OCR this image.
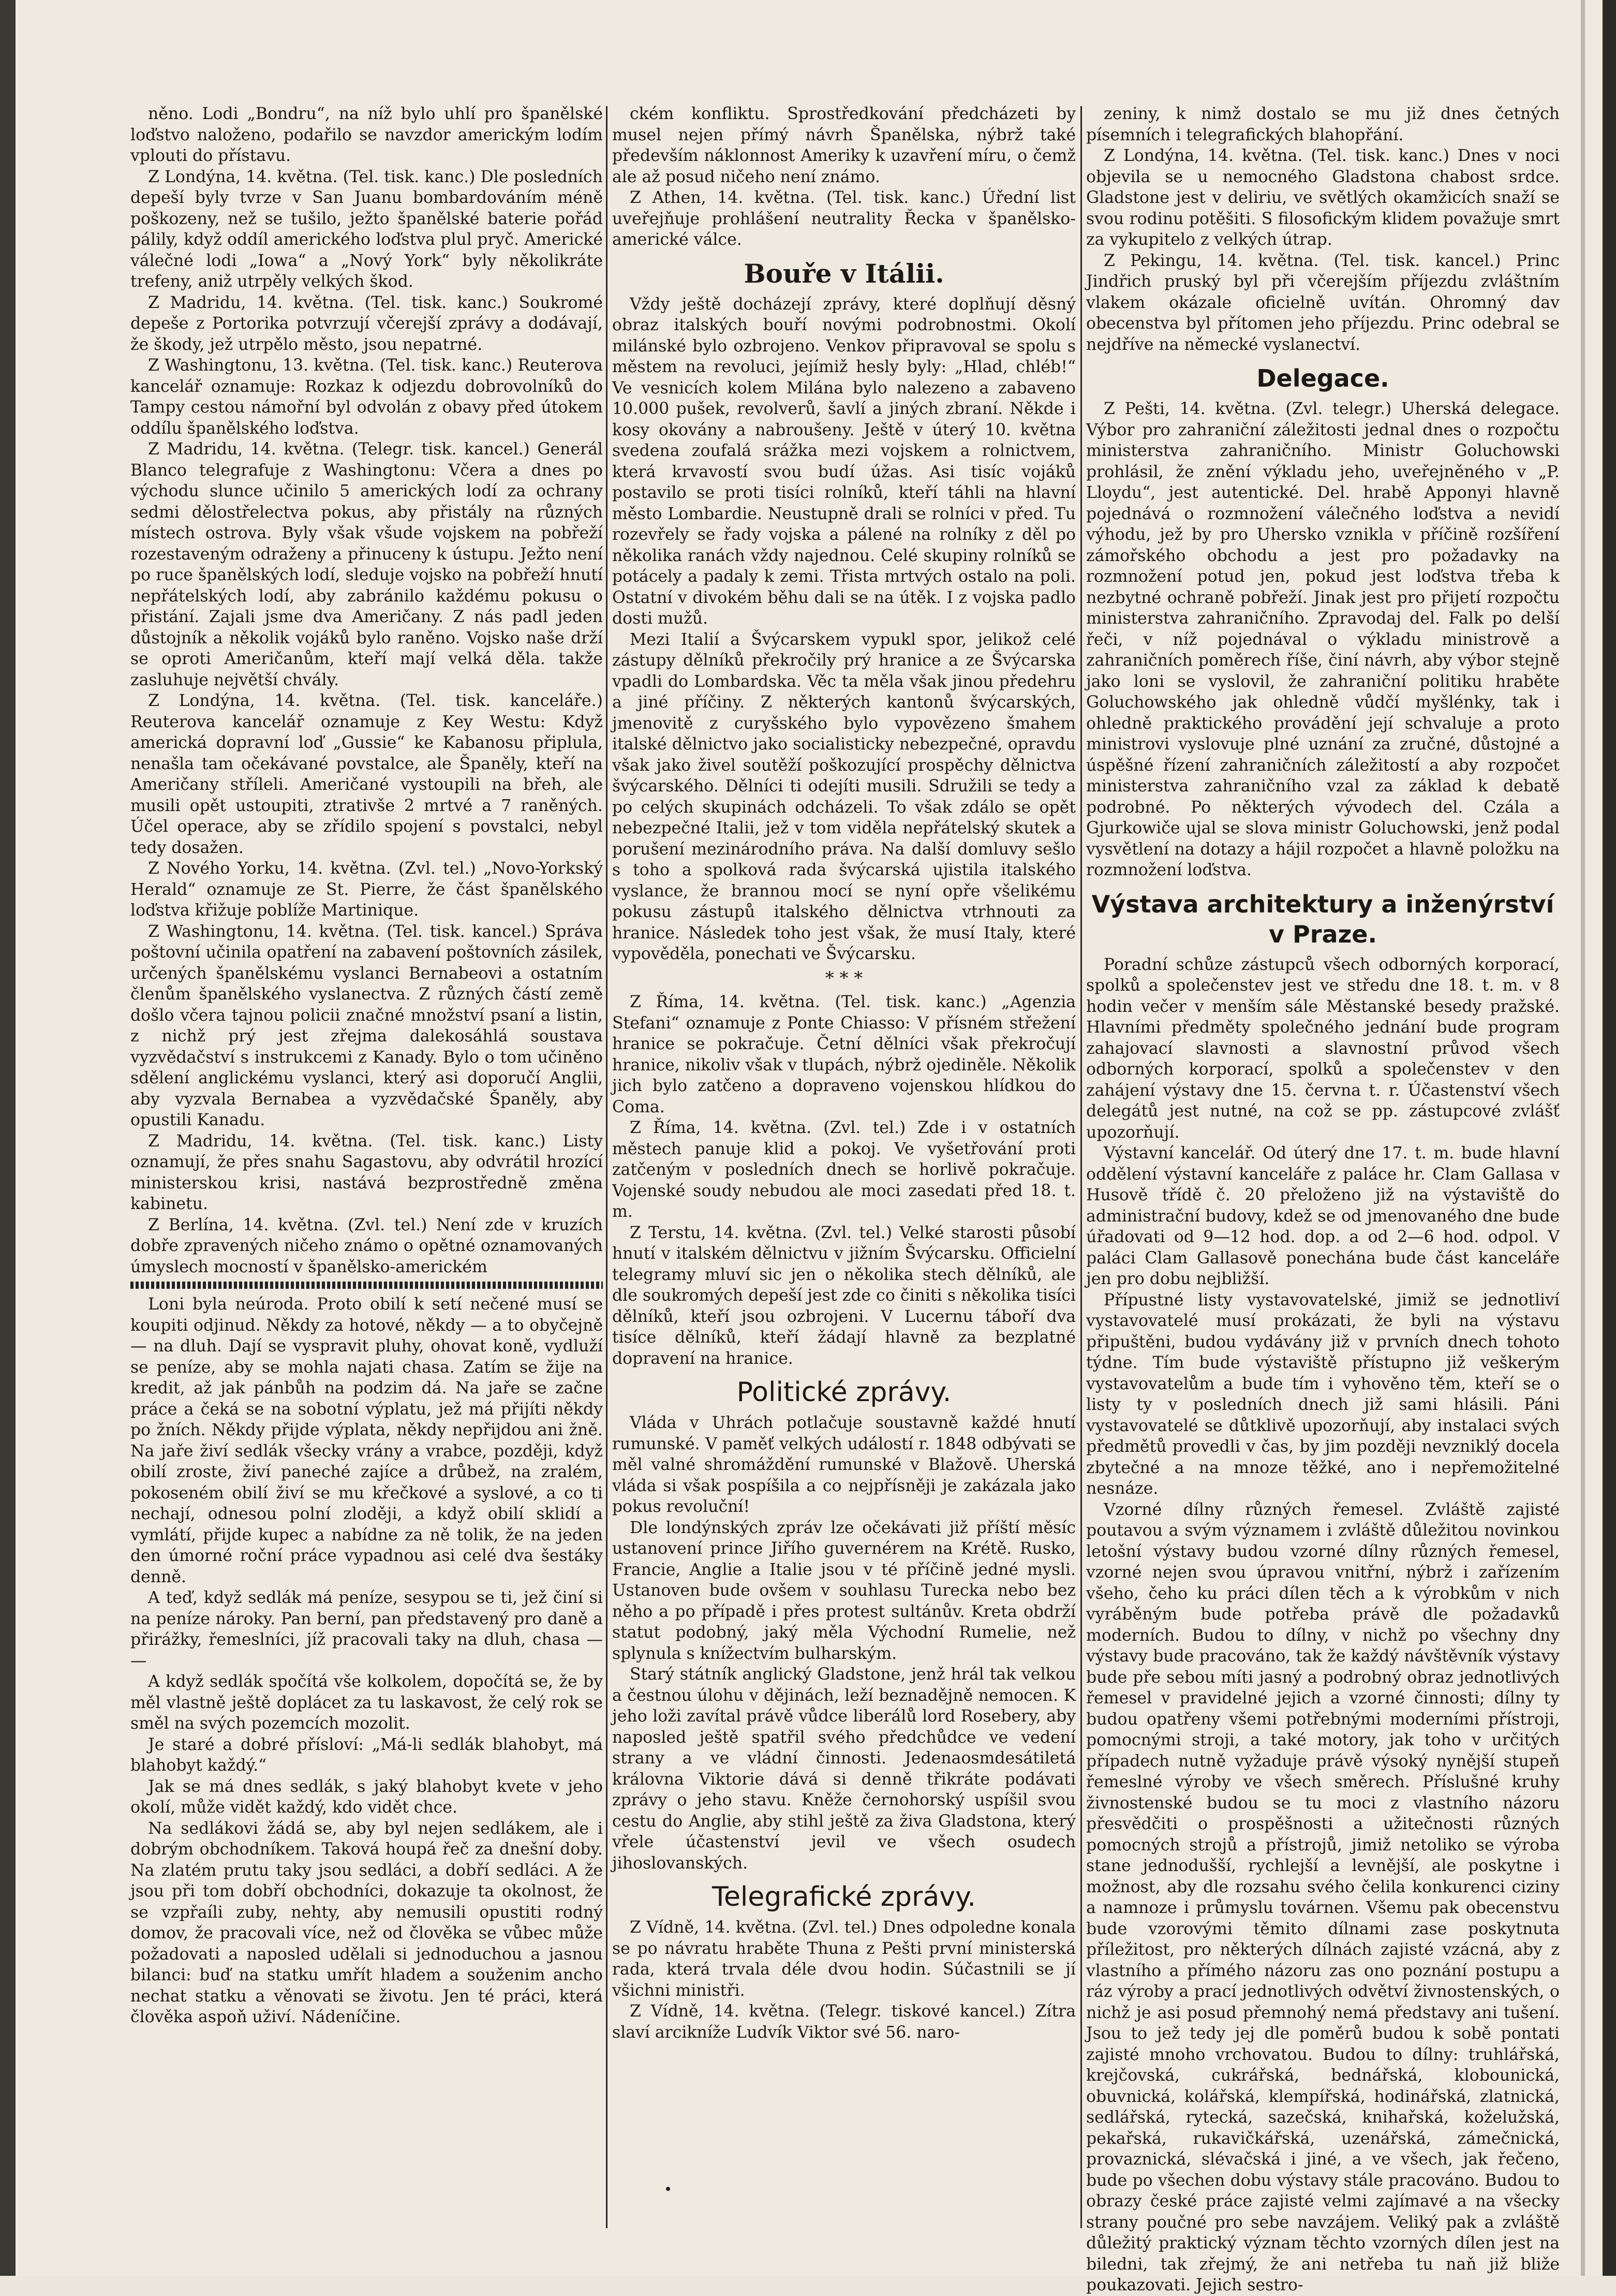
něno. Lodi „Bondru“, na níž bylo uhlí pro španělské loďstvo naloženo, podařilo se navzdor americkým lodím vplouti do přístavu.

Z Londýna, 14. května. (Tel. tisk. kanc.) Dle posledních depeší byly tvrze v San Juanu bombardováním méně poškozeny, než se tušilo, ježto španělské baterie pořád pálily, když oddíl amerického loďstva plul pryč. Americké válečné lodi „Iowa“ a „Nový York“ byly několikráte trefeny, aniž utrpěly velkých škod.

Z Madridu, 14. května. (Tel. tisk. kanc.) Soukromé depeše z Portorika potvrzují včerejší zprávy a dodávají, že škody, jež utrpělo město, jsou nepatrné.

Z Washingtonu, 13. května. (Tel. tisk. kanc.) Reuterova kancelář oznamuje: Rozkaz k odjezdu dobrovolníků do Tampy cestou námořní byl odvolán z obavy před útokem oddílu španělského loďstva.

Z Madridu, 14. května. (Telegr. tisk. kancel.) Generál Blanco telegrafuje z Washingtonu: Včera a dnes po východu slunce učinilo 5 amerických lodí za ochrany sedmi dělostřelectva pokus, aby přistály na různých místech ostrova. Byly však všude vojskem na pobřeží rozestaveným odraženy a přinuceny k ústupu. Ježto není po ruce španělských lodí, sleduje vojsko na pobřeží hnutí nepřátelských lodí, aby zabránilo každému pokusu o přistání. Zajali jsme dva Američany. Z nás padl jeden důstojník a několik vojáků bylo raněno. Vojsko naše drží se oproti Američanům, kteří mají velká děla. takže zasluhuje největší chvály.

Z Londýna, 14. května. (Tel. tisk. kanceláře.) Reuterova kancelář oznamuje z Key Westu: Když americká dopravní loď „Gussie“ ke Kabanosu připlula, nenašla tam očekávané povstalce, ale Španěly, kteří na Američany stříleli. Američané vystoupili na břeh, ale musili opět ustoupiti, ztrativše 2 mrtvé a 7 raněných. Účel operace, aby se zřídilo spojení s povstalci, nebyl tedy dosažen.

Z Nového Yorku, 14. května. (Zvl. tel.) „Novo-Yorkský Herald“ oznamuje ze St. Pierre, že část španělského loďstva křižuje poblíže Martinique.

Z Washingtonu, 14. května. (Tel. tisk. kancel.) Správa poštovní učinila opatření na zabavení poštovních zásilek, určených španělskému vyslanci Bernabeovi a ostatním členům španělského vyslanectva. Z různých částí země došlo včera tajnou policii značné množství psaní a listin, z nichž prý jest zřejma dalekosáhlá soustava vyzvědačství s instrukcemi z Kanady. Bylo o tom učiněno sdělení anglickému vyslanci, který asi doporučí Anglii, aby vyzvala Bernabea a vyzvědačské Španěly, aby opustili Kanadu.

Z Madridu, 14. května. (Tel. tisk. kanc.) Listy oznamují, že přes snahu Sagastovu, aby odvrátil hrozící ministerskou krisi, nastává bezprostředně změna kabinetu.

Z Berlína, 14. května. (Zvl. tel.) Není zde v kruzích dobře zpravených ničeho známo o opětné oznamovaných úmyslech mocností v španělsko-americkém

Loni byla neúroda. Proto obilí k setí nečené musí se koupiti odjinud. Někdy za hotové, někdy — a to obyčejně — na dluh. Dají se vyspravit pluhy, ohovat koně, vydluží se peníze, aby se mohla najati chasa. Zatím se žije na kredit, až jak pánbůh na podzim dá. Na jaře se začne práce a čeká se na sobotní výplatu, jež má přijíti někdy po žních. Někdy přijde výplata, někdy nepřijdou ani žně. Na jaře živí sedlák všecky vrány a vrabce, později, když obilí zroste, živí paneché zajíce a drůbež, na zralém, pokoseném obilí živí se mu křečkové a syslové, a co ti nechají, odnesou polní zloději, a když obilí sklidí a vymlátí, přijde kupec a nabídne za ně tolik, že na jeden den úmorné roční práce vypadnou asi celé dva šestáky denně.

A teď, když sedlák má peníze, sesypou se ti, jež činí si na peníze nároky. Pan berní, pan představený pro daně a přirážky, řemeslníci, jíž pracovali taky na dluh, chasa — —

A když sedlák spočítá vše kolkolem, dopočítá se, že by měl vlastně ještě doplácet za tu laskavost, že celý rok se směl na svých pozemcích mozolit.

Je staré a dobré přísloví: „Má-li sedlák blahobyt, má blahobyt každý.“

Jak se má dnes sedlák, s jaký blahobyt kvete v jeho okolí, může vidět každý, kdo vidět chce.

Na sedlákovi žádá se, aby byl nejen sedlákem, ale i dobrým obchodníkem. Taková houpá řeč za dnešní doby. Na zlatém prutu taky jsou sedláci, a dobří sedláci. A že jsou při tom dobří obchodníci, dokazuje ta okolnost, že se vzpřaíli zuby, nehty, aby nemusili opustiti rodný domov, že pracovali více, než od člověka se vůbec může požadovati a naposled udělali si jednoduchou a jasnou bilanci: buď na statku umřít hladem a souženim ancho nechat statku a věnovati se životu. Jen té práci, která člověka aspoň uživí. Nádeníčine.

ckém konfliktu. Sprostředkování předcházeti by musel nejen přímý návrh Španělska, nýbrž také především náklonnost Ameriky k uzavření míru, o čemž ale až posud ničeho není známo.

Z Athen, 14. května. (Tel. tisk. kanc.) Úřední list uveřejňuje prohlášení neutrality Řecka v španělsko-americké válce.

Bouře v Itálii.

Vždy ještě docházejí zprávy, které doplňují děsný obraz italských bouří novými podrobnostmi. Okolí milánské bylo ozbrojeno. Venkov připravoval se spolu s městem na revoluci, jejímiž hesly byly: „Hlad, chléb!“ Ve vesnicích kolem Milána bylo nalezeno a zabaveno 10.000 pušek, revolverů, šavlí a jiných zbraní. Někde i kosy okovány a nabroušeny. Ještě v úterý 10. května svedena zoufalá srážka mezi vojskem a rolnictvem, která krvavostí svou budí úžas. Asi tisíc vojáků postavilo se proti tisíci rolníků, kteří táhli na hlavní město Lombardie. Neustupně drali se rolníci v před. Tu rozevřely se řady vojska a pálené na rolníky z děl po několika ranách vždy najednou. Celé skupiny rolníků se potácely a padaly k zemi. Třista mrtvých ostalo na poli. Ostatní v divokém běhu dali se na útěk. I z vojska padlo dosti mužů.

Mezi Italií a Švýcarskem vypukl spor, jelikož celé zástupy dělníků překročily prý hranice a ze Švýcarska vpadli do Lombardska. Věc ta měla však jinou předehru a jiné příčiny. Z některých kantonů švýcarských, jmenovitě z curyšského bylo vypovězeno šmahem italské dělnictvo jako socialisticky nebezpečné, opravdu však jako živel soutěží poškozující prospěchy dělnictva švýcarského. Dělníci ti odejíti musili. Sdružili se tedy a po celých skupinách odcházeli. To však zdálo se opět nebezpečné Italii, jež v tom viděla nepřátelský skutek a porušení mezinárodního práva. Na další domluvy sešlo s toho a spolková rada švýcarská ujistila italského vyslance, že brannou mocí se nyní opře všelikému pokusu zástupů italského dělnictva vtrhnouti za hranice. Následek toho jest však, že musí Italy, které vypověděla, ponechati ve Švýcarsku.

* * *

Z Říma, 14. května. (Tel. tisk. kanc.) „Agenzia Stefani“ oznamuje z Ponte Chiasso: V přísném střežení hranice se pokračuje. Četní dělníci však překročují hranice, nikoliv však v tlupách, nýbrž ojediněle. Několik jich bylo zatčeno a dopraveno vojenskou hlídkou do Coma.

Z Říma, 14. května. (Zvl. tel.) Zde i v ostatních městech panuje klid a pokoj. Ve vyšetřování proti zatčeným v posledních dnech se horlivě pokračuje. Vojenské soudy nebudou ale moci zasedati před 18. t. m.

Z Terstu, 14. května. (Zvl. tel.) Velké starosti působí hnutí v italském dělnictvu v jižním Švýcarsku. Officielní telegramy mluví sic jen o několika stech dělníků, ale dle soukromých depeší jest zde co činiti s několika tisíci dělníků, kteří jsou ozbrojeni. V Lucernu táboří dva tisíce dělníků, kteří žádají hlavně za bezplatné dopravení na hranice.

Politické zprávy.

Vláda v Uhrách potlačuje soustavně každé hnutí rumunské. V paměť velkých událostí r. 1848 odbývati se měl valné shromáždění rumunské v Blažově. Uherská vláda si však pospíšila a co nejpřísněji je zakázala jako pokus revoluční!

Dle londýnských zpráv lze očekávati již příští měsíc ustanovení prince Jiřího guvernérem na Krétě. Rusko, Francie, Anglie a Italie jsou v té příčině jedné mysli. Ustanoven bude ovšem v souhlasu Turecka nebo bez něho a po případě i přes protest sultánův. Kreta obdrží statut podobný, jaký měla Východní Rumelie, než splynula s knížectvím bulharským.

Starý státník anglický Gladstone, jenž hrál tak velkou a čestnou úlohu v dějinách, leží beznadějně nemocen. K jeho loži zavítal právě vůdce liberálů lord Rosebery, aby naposled ještě spatřil svého předchůdce ve vedení strany a ve vládní činnosti. Jedenaosmdesátiletá královna Viktorie dává si denně třikráte podávati zprávy o jeho stavu. Kněže černohorský uspíšil svou cestu do Anglie, aby stihl ještě za živa Gladstona, který vřele účastenství jevil ve všech osudech jihoslovanských.

Telegrafické zprávy.

Z Vídně, 14. května. (Zvl. tel.) Dnes odpoledne konala se po návratu hraběte Thuna z Pešti první ministerská rada, která trvala déle dvou hodin. Súčastnili se jí všichni ministři.

Z Vídně, 14. května. (Telegr. tiskové kancel.) Zítra slaví arcikníže Ludvík Viktor své 56. naro-

zeniny, k nimž dostalo se mu již dnes četných písemních i telegrafických blahopřání.

Z Londýna, 14. května. (Tel. tisk. kanc.) Dnes v noci objevila se u nemocného Gladstona chabost srdce. Gladstone jest v deliriu, ve světlých okamžicích snaží se svou rodinu potěšiti. S filosofickým klidem považuje smrt za vykupitelo z velkých útrap.

Z Pekingu, 14. května. (Tel. tisk. kancel.) Princ Jindřich pruský byl při včerejším příjezdu zvláštním vlakem okázale oficielně uvítán. Ohromný dav obecenstva byl přítomen jeho příjezdu. Princ odebral se nejdříve na německé vyslanectví.

Delegace.

Z Pešti, 14. května. (Zvl. telegr.) Uherská delegace. Výbor pro zahraniční záležitosti jednal dnes o rozpočtu ministerstva zahraničního. Ministr Goluchowski prohlásil, že znění výkladu jeho, uveřejněného v „P. Lloydu“, jest autentické. Del. hrabě Apponyi hlavně pojednává o rozmnožení válečného loďstva a nevidí výhodu, jež by pro Uhersko vznikla v příčině rozšíření zámořského obchodu a jest pro požadavky na rozmnožení potud jen, pokud jest loďstva třeba k nezbytné ochraně pobřeží. Jinak jest pro přijetí rozpočtu ministerstva zahraničního. Zpravodaj del. Falk po delší řeči, v níž pojednával o výkladu ministrově a zahraničních poměrech říše, činí návrh, aby výbor stejně jako loni se vyslovil, že zahraniční politiku hraběte Goluchowského jak ohledně vůdčí myšlénky, tak i ohledně praktického provádění její schvaluje a proto ministrovi vyslovuje plné uznání za zručné, důstojné a úspěšné řízení zahraničních záležitostí a aby rozpočet ministerstva zahraničního vzal za základ k debatě podrobné. Po některých vývodech del. Czála a Gjurkowiče ujal se slova ministr Goluchowski, jenž podal vysvětlení na dotazy a hájil rozpočet a hlavně položku na rozmnožení loďstva.

Výstava architektury a inženýrství v Praze.

Poradní schůze zástupců všech odborných korporací, spolků a společenstev jest ve středu dne 18. t. m. v 8 hodin večer v menším sále Městanské besedy pražské. Hlavními předměty společného jednání bude program zahajovací slavnosti a slavnostní průvod všech odborných korporací, spolků a společenstev v den zahájení výstavy dne 15. června t. r. Účastenství všech delegátů jest nutné, na což se pp. zástupcové zvlášť upozorňují.

Výstavní kancelář. Od úterý dne 17. t. m. bude hlavní oddělení výstavní kanceláře z paláce hr. Clam Gallasa v Husově třídě č. 20 přeloženo již na výstaviště do administrační budovy, kdež se od jmenovaného dne bude úřadovati od 9—12 hod. dop. a od 2—6 hod. odpol. V paláci Clam Gallasově ponechána bude část kanceláře jen pro dobu nejbližší.

Přípustné listy vystavovatelské, jimiž se jednotliví vystavovatelé musí prokázati, že byli na výstavu připuštěni, budou vydávány již v prvních dnech tohoto týdne. Tím bude výstaviště přístupno již veškerým vystavovatelům a bude tím i vyhověno těm, kteří se o listy ty v posledních dnech již sami hlásili. Páni vystavovatelé se důtklivě upozorňují, aby instalaci svých předmětů provedli v čas, by jim později nevzniklý docela zbytečné a na mnoze těžké, ano i nepřemožitelné nesnáze.

Vzorné dílny různých řemesel. Zvláště zajisté poutavou a svým významem i zvláště důležitou novinkou letošní výstavy budou vzorné dílny různých řemesel, vzorné nejen svou úpravou vnitřní, nýbrž i zařízením všeho, čeho ku práci dílen těch a k výrobkům v nich vyráběným bude potřeba právě dle požadavků moderních. Budou to dílny, v nichž po všechny dny výstavy bude pracováno, tak že každý návštěvník výstavy bude pře sebou míti jasný a podrobný obraz jednotlivých řemesel v pravidelné jejich a vzorné činnosti; dílny ty budou opatřeny všemi potřebnými moderními přístroji, pomocnými stroji, a také motory, jak toho v určitých případech nutně vyžaduje právě výsoký nynější stupeň řemeslné výroby ve všech směrech. Příslušné kruhy živnostenské budou se tu moci z vlastního názoru přesvědčiti o prospěšnosti a užitečnosti různých pomocných strojů a přístrojů, jimiž netoliko se výroba stane jednodušší, rychlejší a levnější, ale poskytne i možnost, aby dle rozsahu svého čelila konkurenci ciziny a namnoze i průmyslu továrnen. Všemu pak obecenstvu bude vzorovými těmito dílnami zase poskytnuta příležitost, pro některých dílnách zajisté vzácná, aby z vlastního a přímého názoru zas ono poznání postupu a ráz výroby a prací jednotlivých odvětví živnostenských, o nichž je asi posud přemnohý nemá představy ani tušení. Jsou to jež tedy jej dle poměrů budou k sobě pontati zajisté mnoho vrchovatou. Budou to dílny: truhlářská, krejčovská, cukrářská, bednářská, klobounická, obuvnická, kolářská, klempířská, hodinářská, zlatnická, sedlářská, rytecká, sazečská, knihařská, koželužská, pekařská, rukavičkářská, uzenářská, zámečnická, provaznická, slévačská i jiné, a ve všech, jak řečeno, bude po všechen dobu výstavy stále pracováno. Budou to obrazy české práce zajisté velmi zajímavé a na všecky strany poučné pro sebe navzájem. Veliký pak a zvláště důležitý praktický význam těchto vzorných dílen jest na biledni, tak zřejmý, že ani netřeba tu naň již bliže poukazovati. Jejich sestro-
